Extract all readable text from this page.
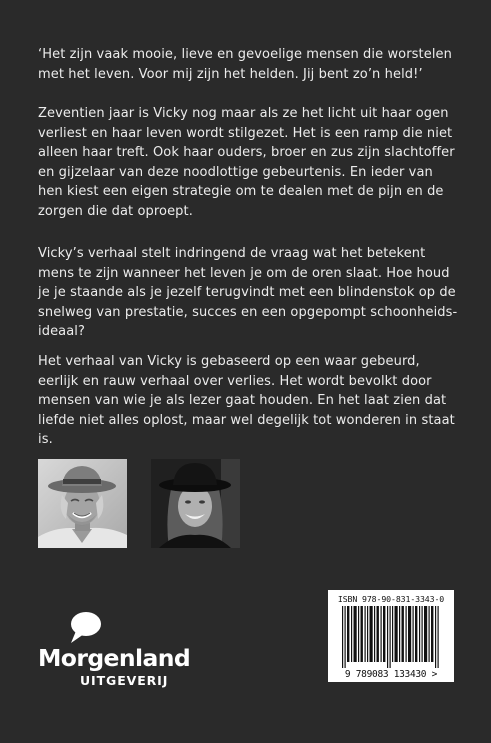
‘Het zijn vaak mooie, lieve en gevoelige mensen die worstelen met het leven. Voor mij zijn het helden. Jij bent zo’n held!’

Zeventien jaar is Vicky nog maar als ze het licht uit haar ogen verliest en haar leven wordt stilgezet. Het is een ramp die niet alleen haar treft. Ook haar ouders, broer en zus zijn slachtoffer en gijzelaar van deze noodlottige gebeurtenis. En ieder van hen kiest een eigen strategie om te dealen met de pijn en de zorgen die dat oproept.

Vicky’s verhaal stelt indringend de vraag wat het betekent mens te zijn wanneer het leven je om de oren slaat. Hoe houd je je staande als je jezelf terugvindt met een blindenstok op de snelweg van prestatie, succes en een opgepompt schoonheids-ideaal?

Het verhaal van Vicky is gebaseerd op een waar gebeurd, eerlijk en rauw verhaal over verlies. Het wordt bevolkt door mensen van wie je als lezer gaat houden. En het laat zien dat liefde niet alles oplost, maar wel degelijk tot wonderen in staat is.

Morgenland
UITGEVERIJ
ISBN 978-90-831-3343-0
9 789083 133430 >
